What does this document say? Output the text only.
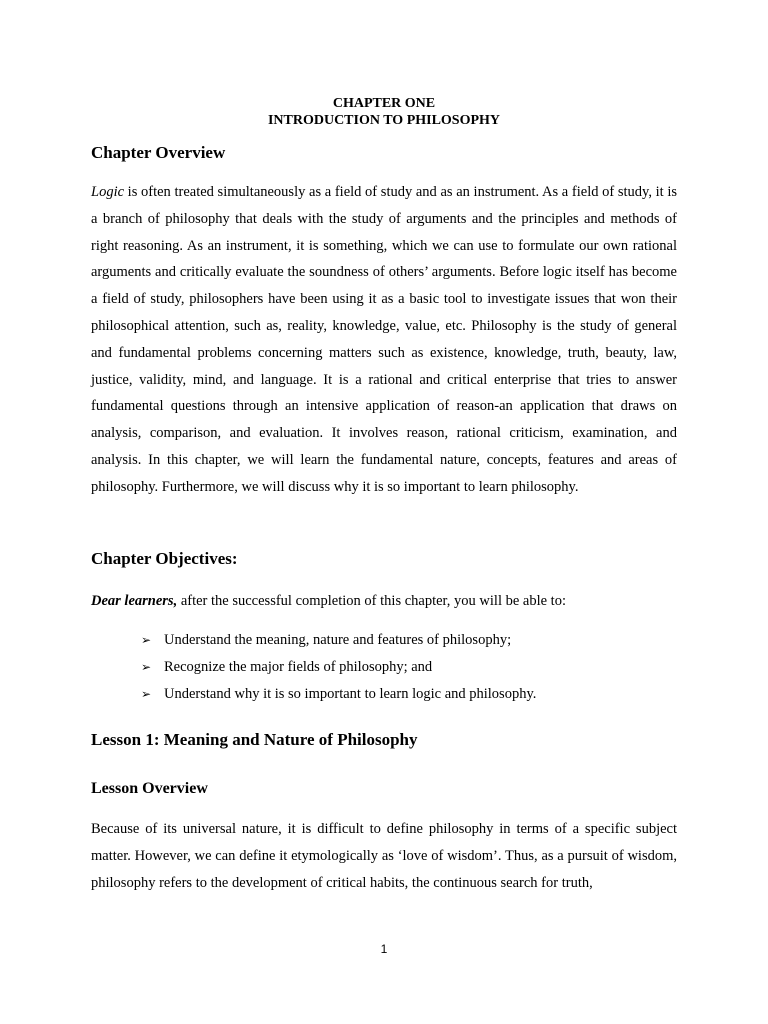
CHAPTER ONE
INTRODUCTION TO PHILOSOPHY
Chapter Overview
Logic is often treated simultaneously as a field of study and as an instrument. As a field of study, it is a branch of philosophy that deals with the study of arguments and the principles and methods of right reasoning. As an instrument, it is something, which we can use to formulate our own rational arguments and critically evaluate the soundness of others’ arguments. Before logic itself has become a field of study, philosophers have been using it as a basic tool to investigate issues that won their philosophical attention, such as, reality, knowledge, value, etc. Philosophy is the study of general and fundamental problems concerning matters such as existence, knowledge, truth, beauty, law, justice, validity, mind, and language. It is a rational and critical enterprise that tries to answer fundamental questions through an intensive application of reason-an application that draws on analysis, comparison, and evaluation. It involves reason, rational criticism, examination, and analysis. In this chapter, we will learn the fundamental nature, concepts, features and areas of philosophy. Furthermore, we will discuss why it is so important to learn philosophy.
Chapter Objectives:
Dear learners, after the successful completion of this chapter, you will be able to:
➢ Understand the meaning, nature and features of philosophy;
➢ Recognize the major fields of philosophy; and
➢ Understand why it is so important to learn logic and philosophy.
Lesson 1: Meaning and Nature of Philosophy
Lesson Overview
Because of its universal nature, it is difficult to define philosophy in terms of a specific subject matter. However, we can define it etymologically as ‘love of wisdom’. Thus, as a pursuit of wisdom, philosophy refers to the development of critical habits, the continuous search for truth,
1
